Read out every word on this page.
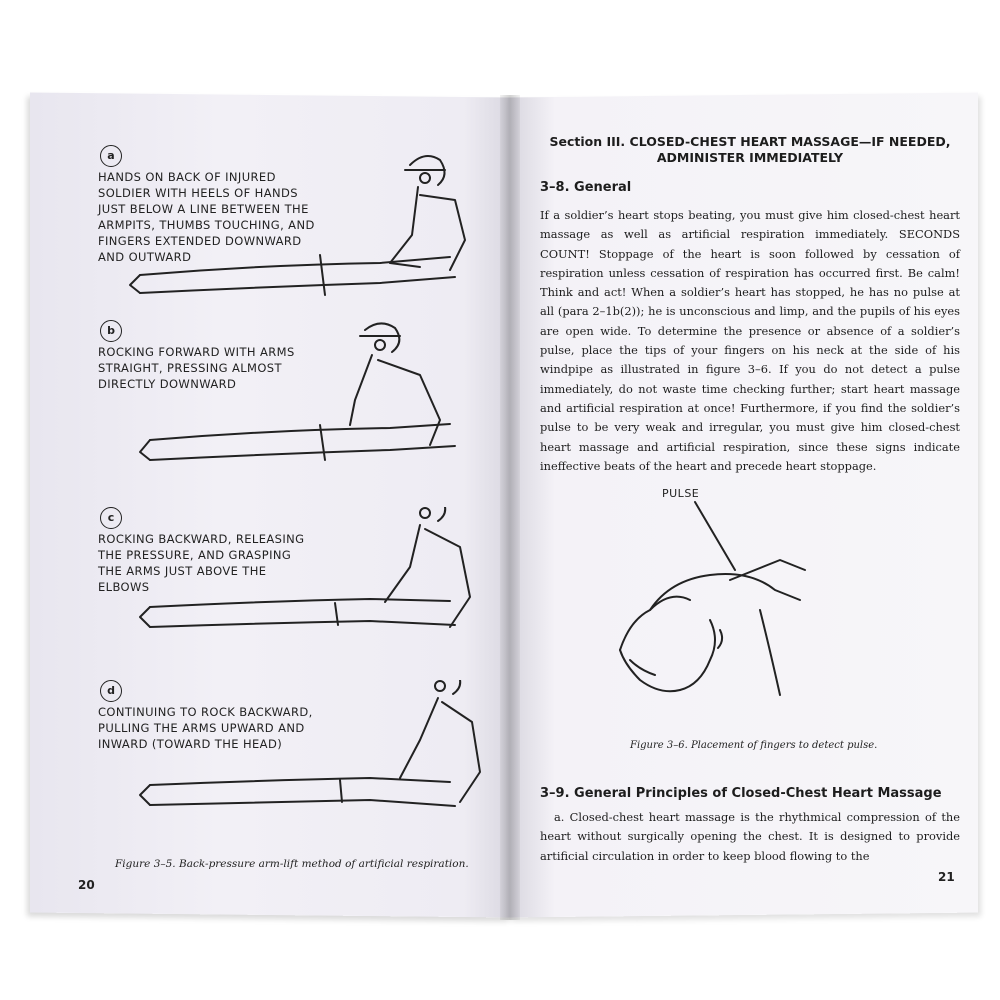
a
HANDS ON BACK OF INJURED SOLDIER WITH HEELS OF HANDS JUST BELOW A LINE BETWEEN THE ARMPITS, THUMBS TOUCHING, AND FINGERS EXTENDED DOWNWARD AND OUTWARD
b
ROCKING FORWARD WITH ARMS STRAIGHT, PRESSING ALMOST DIRECTLY DOWNWARD
c
ROCKING BACKWARD, RELEASING THE PRESSURE, AND GRASPING THE ARMS JUST ABOVE THE ELBOWS
d
CONTINUING TO ROCK BACKWARD, PULLING THE ARMS UPWARD AND INWARD (TOWARD THE HEAD)
Figure 3–5. Back-pressure arm-lift method of artificial respiration.
20
Section III. CLOSED-CHEST HEART MASSAGE—IF NEEDED,
ADMINISTER IMMEDIATELY
3–8. General
If a soldier’s heart stops beating, you must give him closed-chest heart massage as well as artificial respiration immediately. SECONDS COUNT! Stoppage of the heart is soon followed by cessation of respiration unless cessation of respiration has occurred first. Be calm! Think and act! When a soldier’s heart has stopped, he has no pulse at all (para 2–1b(2)); he is unconscious and limp, and the pupils of his eyes are open wide. To determine the presence or absence of a soldier’s pulse, place the tips of your fingers on his neck at the side of his windpipe as illustrated in figure 3–6. If you do not detect a pulse immediately, do not waste time checking further; start heart massage and artificial respiration at once! Furthermore, if you find the soldier’s pulse to be very weak and irregular, you must give him closed-chest heart massage and artificial respiration, since these signs indicate ineffective beats of the heart and precede heart stoppage.
PULSE
Figure 3–6. Placement of fingers to detect pulse.
3–9. General Principles of Closed-Chest Heart Massage
a. Closed-chest heart massage is the rhythmical compression of the heart without surgically opening the chest. It is designed to provide artificial circulation in order to keep blood flowing to the
21
